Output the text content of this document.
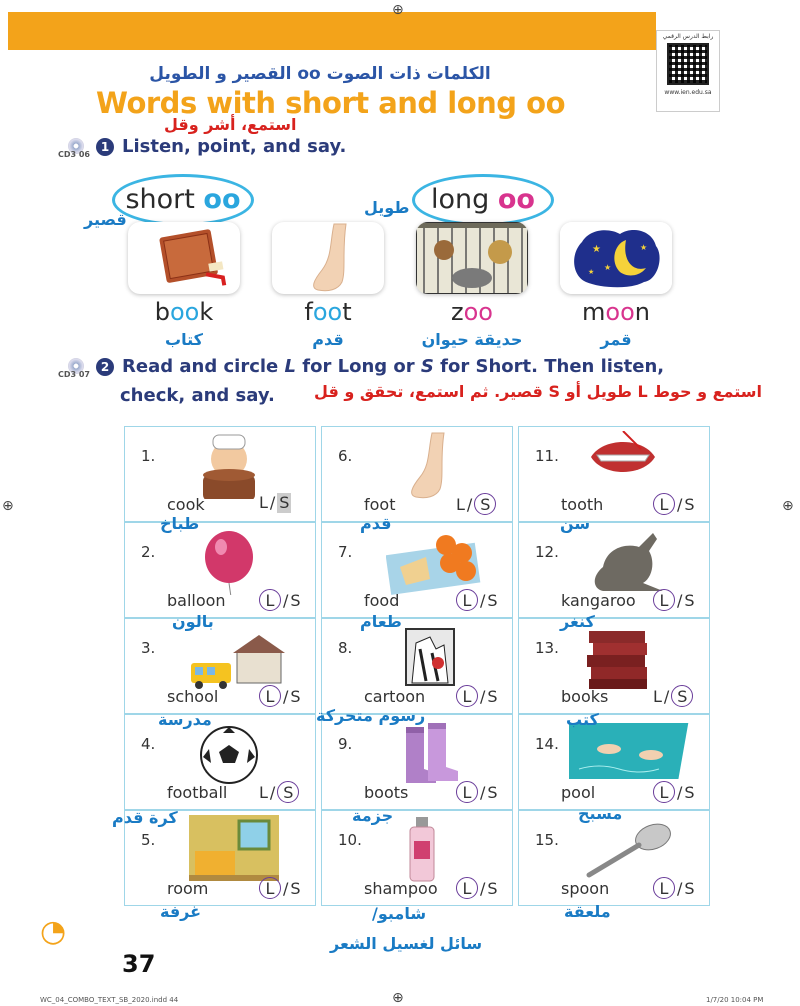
⊕
رابط الدرس الرقمي
www.ien.edu.sa
الكلمات ذات الصوت oo القصير و الطويل
Words with short and long oo
استمع، أشر وقل
CD3 06
1 Listen, point, and say.
short oo	long oo
قصير
طويل
★
★
★
★
book
كتاب
foot
قدم
zoo
حديقة حيوان
moon
قمر
CD3 07
2 Read and circle L for Long or S for Short. Then listen,
check, and say.	استمع و حوط L طويل أو S قصير. ثم استمع، تحقق و قل
1.
cook	L / S
2.
balloon	L / S
3.
school	L / S
4.
football L / S
5.
room	L / S
6.
foot	L / S
7.
food	L / S
8.
cartoon	L / S
9.
boots	L / S
10.
shampoo	L / S
11.
tooth	L / S
12.
kangaroo	L / S
13.
books	L / S
14.
pool	L / S
15.
spoon	L / S
طباخ
بالون
مدرسة
كرة قدم
غرفة
قدم
طعام
رسوم متحركة
جزمة
شامبو/
سائل لغسيل الشعر
سن
كنغر
كتب
مسبح
ملعقة
◔
37
WC_04_COMBO_TEXT_SB_2020.indd 44	1/7/20 10:04 PM
⊕
⊕	⊕
